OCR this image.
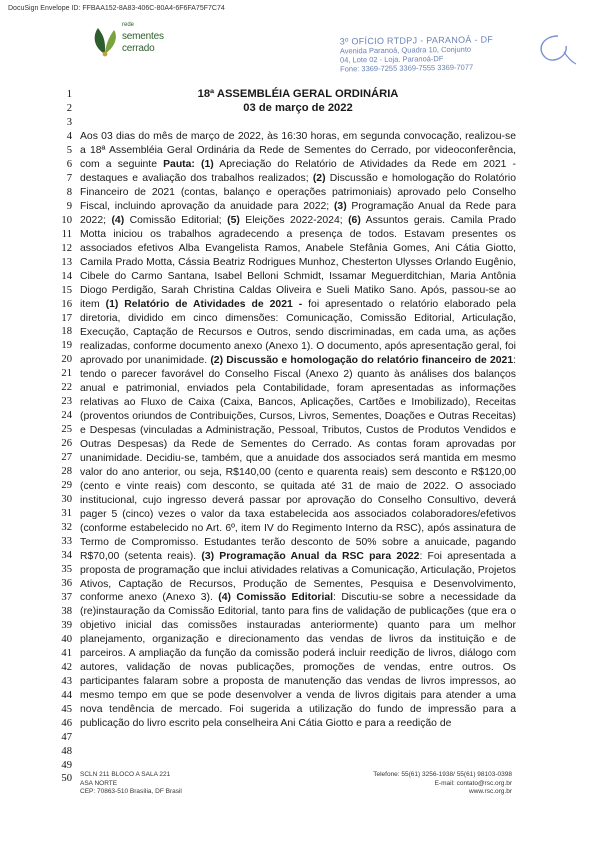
DocuSign Envelope ID: FFBAA152-8A83-406C-80A4-6F6FA75F7C74
rede
sementes
cerrado
3º OFÍCIO RTDPJ - PARANOÁ - DF
Avenida Paranoá, Quadra 10, Conjunto
04, Lote 02 - Loja. Paranoá-DF
Fone: 3369-7255 3369-7555 3369-7077
18ª ASSEMBLÉIA GERAL ORDINÁRIA
03 de março de 2022
1
2
3
4
5
6
7
8
9
10
11
12
13
14
15
16
17
18
19
20
21
22
23
24
25
26
27
28
29
30
31
32
33
34
35
36
37
38
39
40
41
42
43
44
45
46
47
48
49
50
Aos 03 dias do mês de março de 2022, às 16:30 horas, em segunda convocação, realizou-se a 18ª Assembléia Geral Ordinária da Rede de Sementes do Cerrado, por videoconferência, com a seguinte Pauta: (1) Apreciação do Relatório de Atividades da Rede em 2021 - destaques e avaliação dos trabalhos realizados; (2) Discussão e homologação do Rolatório Financeiro de 2021 (contas, balanço e operações patrimoniais) aprovado pelo Conselho Fiscal, incluindo aprovação da anuidade para 2022; (3) Programação Anual da Rede para 2022; (4) Comissão Editorial; (5) Eleições 2022-2024; (6) Assuntos gerais. Camila Prado Motta iniciou os trabalhos agradecendo a presença de todos. Estavam presentes os associados efetivos Alba Evangelista Ramos, Anabele Stefânia Gomes, Ani Cátia Giotto, Camila Prado Motta, Cássia Beatriz Rodrigues Munhoz, Chesterton Ulysses Orlando Eugênio, Cibele do Carmo Santana, Isabel Belloni Schmidt, Issamar Meguerditchian, Maria Antônia Diogo Perdigão, Sarah Christina Caldas Oliveira e Sueli Matiko Sano. Após, passou-se ao item (1) Relatório de Atividades de 2021 - foi apresentado o relatório elaborado pela diretoria, dividido em cinco dimensões: Comunicação, Comissão Editorial, Articulação, Execução, Captação de Recursos e Outros, sendo discriminadas, em cada uma, as ações realizadas, conforme documento anexo (Anexo 1). O documento, após apresentação geral, foi aprovado por unanimidade. (2) Discussão e homologação do relatório financeiro de 2021: tendo o parecer favorável do Conselho Fiscal (Anexo 2) quanto às análises dos balanços anual e patrimonial, enviados pela Contabilidade, foram apresentadas as informações relativas ao Fluxo de Caixa (Caixa, Bancos, Aplicações, Cartões e Imobilizado), Receitas (proventos oriundos de Contribuições, Cursos, Livros, Sementes, Doações e Outras Receitas) e Despesas (vinculadas a Administração, Pessoal, Tributos, Custos de Produtos Vendidos e Outras Despesas) da Rede de Sementes do Cerrado. As contas foram aprovadas por unanimidade. Decidiu-se, também, que a anuidade dos associados será mantida em mesmo valor do ano anterior, ou seja, R$140,00 (cento e quarenta reais) sem desconto e R$120,00 (cento e vinte reais) com desconto, se quitada até 31 de maio de 2022. O associado institucional, cujo ingresso deverá passar por aprovação do Conselho Consultivo, deverá pager 5 (cinco) vezes o valor da taxa estabelecida aos associados colaboradores/efetivos (conforme estabelecido no Art. 6º, item IV do Regimento Interno da RSC), após assinatura de Termo de Compromisso. Estudantes terão desconto de 50% sobre a anuicade, pagando R$70,00 (setenta reais). (3) Programação Anual da RSC para 2022: Foi apresentada a proposta de programação que inclui atividades relativas a Comunicação, Articulação, Projetos Ativos, Captação de Recursos, Produção de Sementes, Pesquisa e Desenvolvimento, conforme anexo (Anexo 3). (4) Comissão Editorial: Discutiu-se sobre a necessidade da (re)instauração da Comissão Editorial, tanto para fins de validação de publicações (que era o objetivo inicial das comissões instauradas anteriormente) quanto para um melhor planejamento, organização e direcionamento das vendas de livros da instituição e de parceiros. A ampliação da função da comissão poderá incluir reedição de livros, diálogo com autores, validação de novas publicações, promoções de vendas, entre outros. Os participantes falaram sobre a proposta de manutenção das vendas de livros impressos, ao mesmo tempo em que se pode desenvolver a venda de livros digitais para atender a uma nova tendência de mercado. Foi sugerida a utilização do fundo de impressão para a publicação do livro escrito pela conselheira Ani Cátia Giotto e para a reedição de
SCLN 211 BLOCO A SALA 221
ASA NORTE
CEP: 70863-510 Brasília, DF Brasil
Telefone: 55(61) 3256-1938/ 55(61) 98103-0398
E-mail: contato@rsc.org.br
www.rsc.org.br
